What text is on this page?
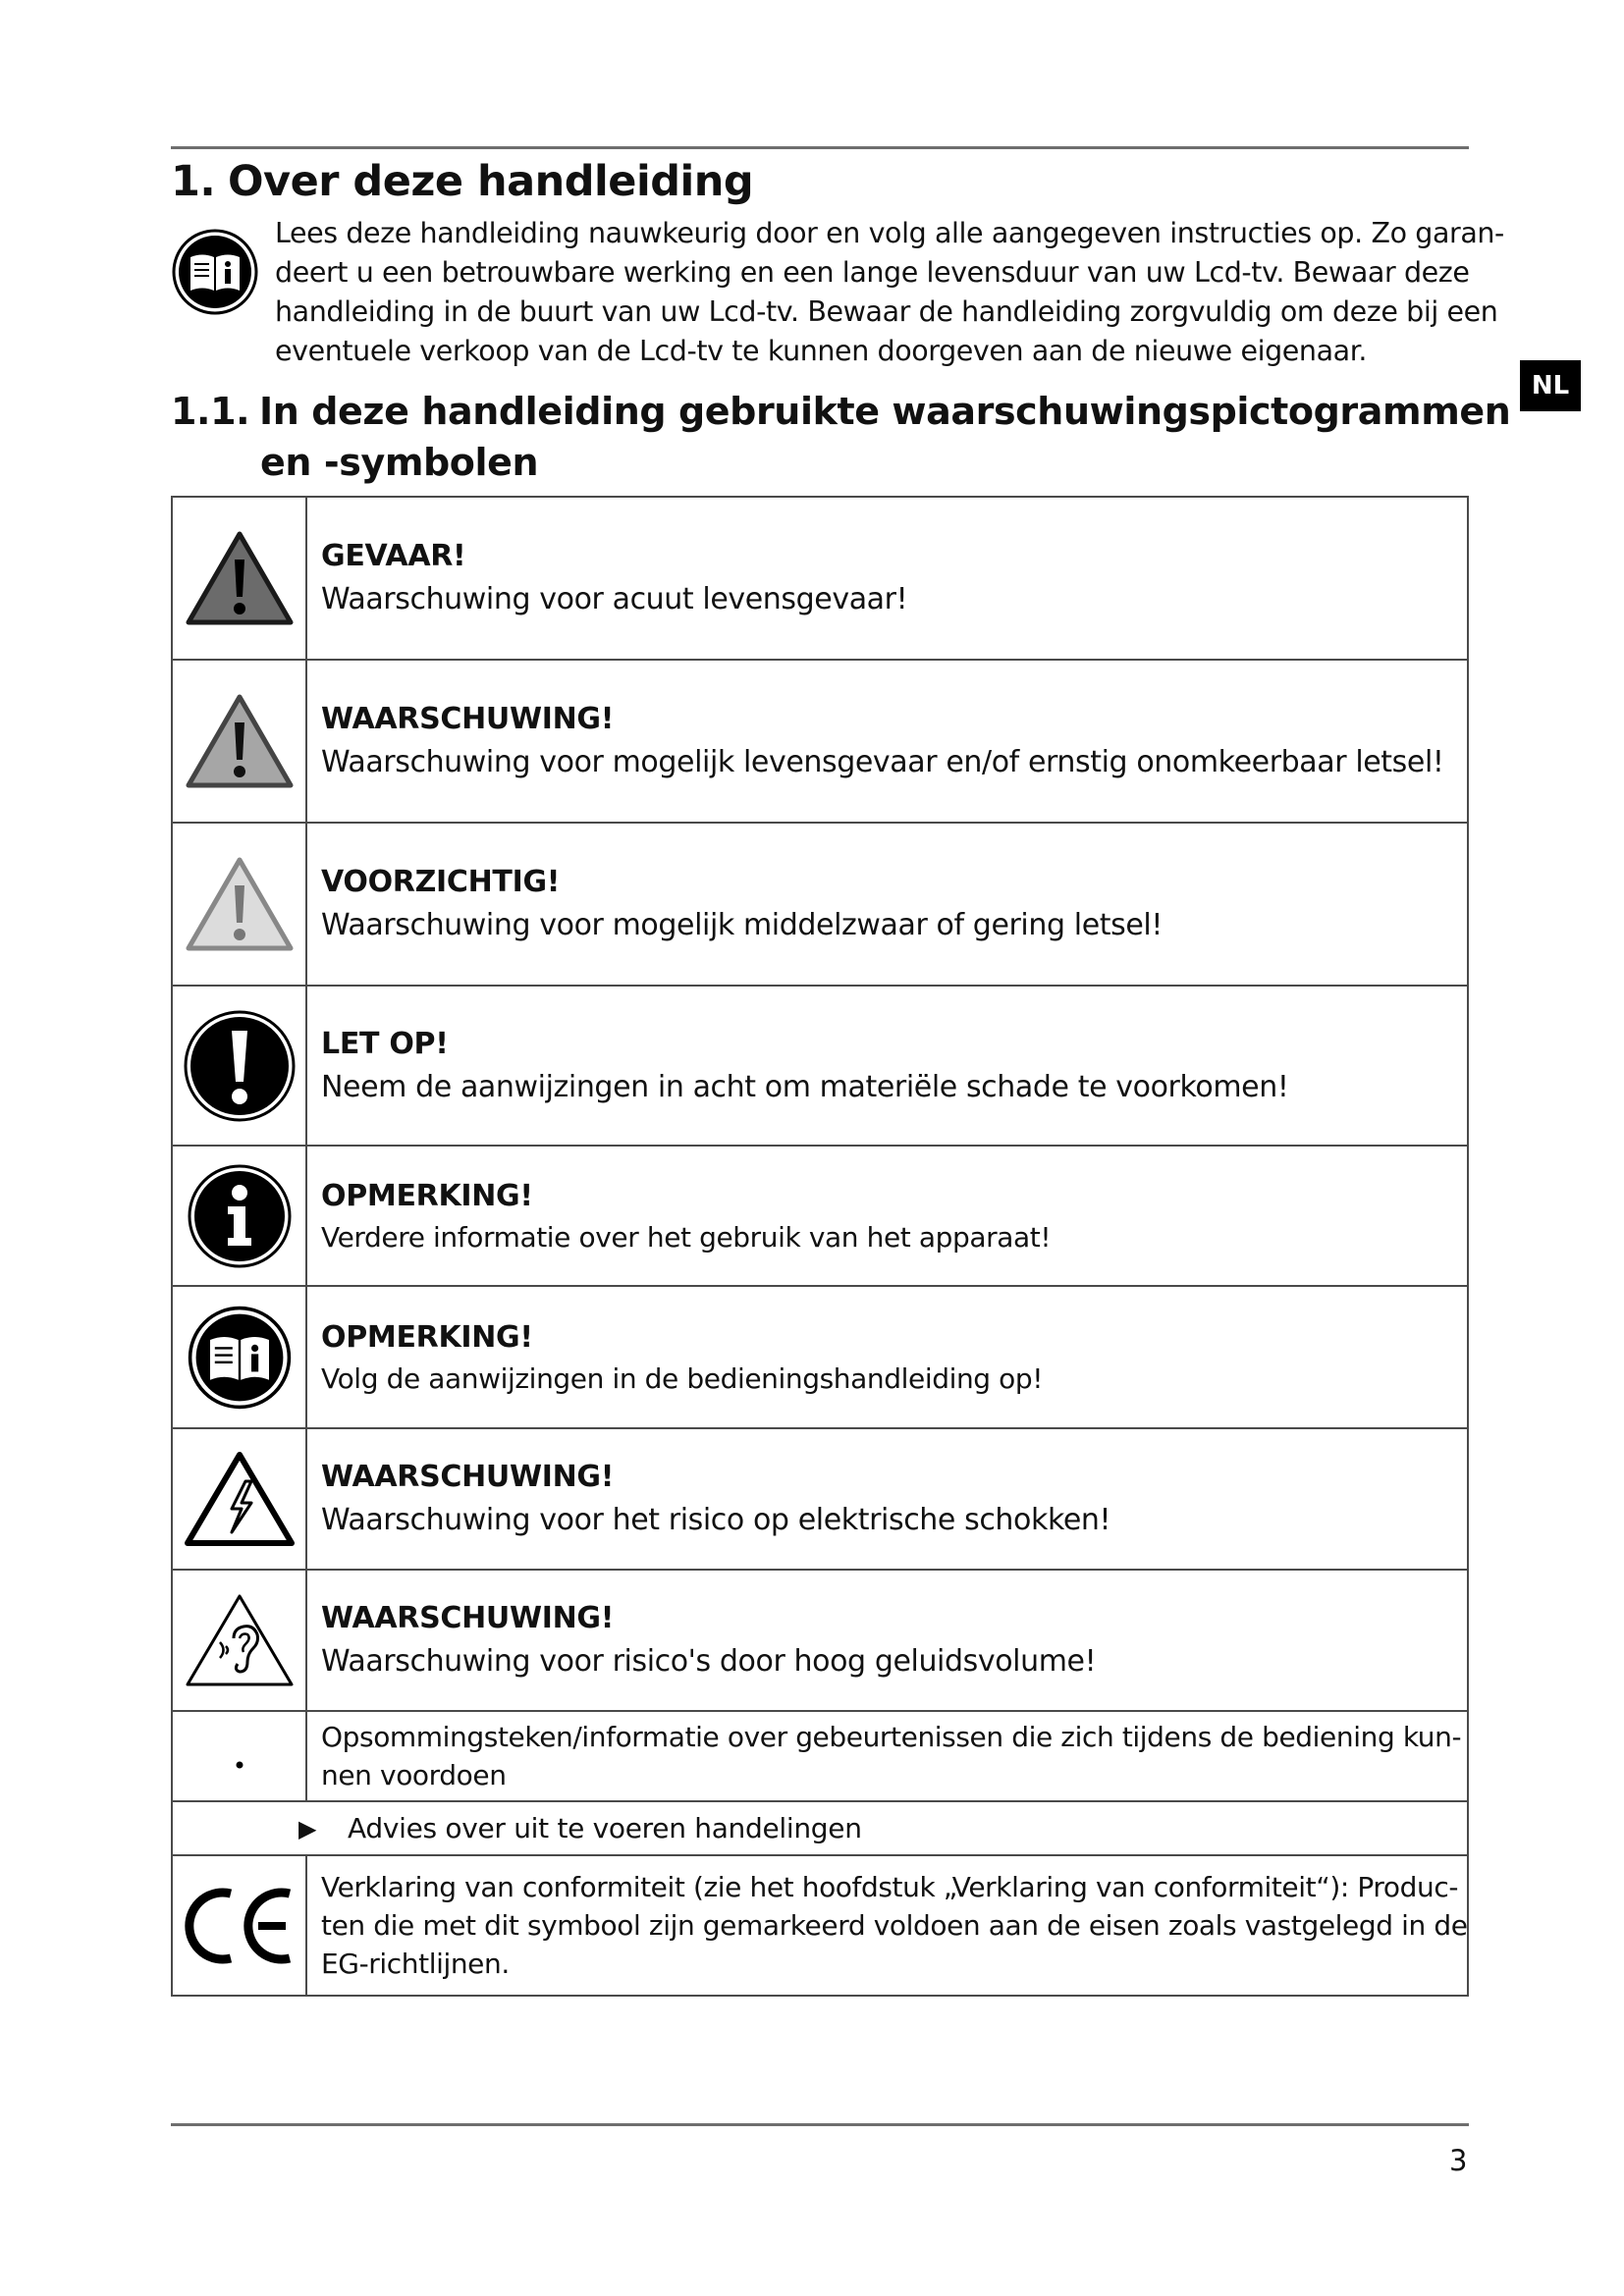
1. Over deze handleiding
Lees deze handleiding nauwkeurig door en volg alle aangegeven instructies op. Zo garan-
deert u een betrouwbare werking en een lange levensduur van uw Lcd-tv. Bewaar deze
handleiding in de buurt van uw Lcd-tv. Bewaar de handleiding zorgvuldig om deze bij een
eventuele verkoop van de Lcd-tv te kunnen doorgeven aan de nieuwe eigenaar.
NL
1.1. In deze handleiding gebruikte waarschuwingspictogrammen
en -symbolen

GEVAAR!
Waarschuwing voor acuut levensgevaar!

WAARSCHUWING!
Waarschuwing voor mogelijk levensgevaar en/of ernstig onomkeerbaar letsel!

VOORZICHTIG!
Waarschuwing voor mogelijk middelzwaar of gering letsel!

LET OP!
Neem de aanwijzingen in acht om materiële schade te voorkomen!

OPMERKING!
Verdere informatie over het gebruik van het apparaat!

OPMERKING!
Volg de aanwijzingen in de bedieningshandleiding op!

WAARSCHUWING!
Waarschuwing voor het risico op elektrische schokken!

WAARSCHUWING!
Waarschuwing voor risico's door hoog geluidsvolume!

Opsommingsteken/informatie over gebeurtenissen die zich tijdens de bediening kun-
nen voordoen

▶ Advies over uit te voeren handelingen	

Verklaring van conformiteit (zie het hoofdstuk „Verklaring van conformiteit“): Produc-
ten die met dit symbool zijn gemarkeerd voldoen aan de eisen zoals vastgelegd in de
EG-richtlijnen.
3
